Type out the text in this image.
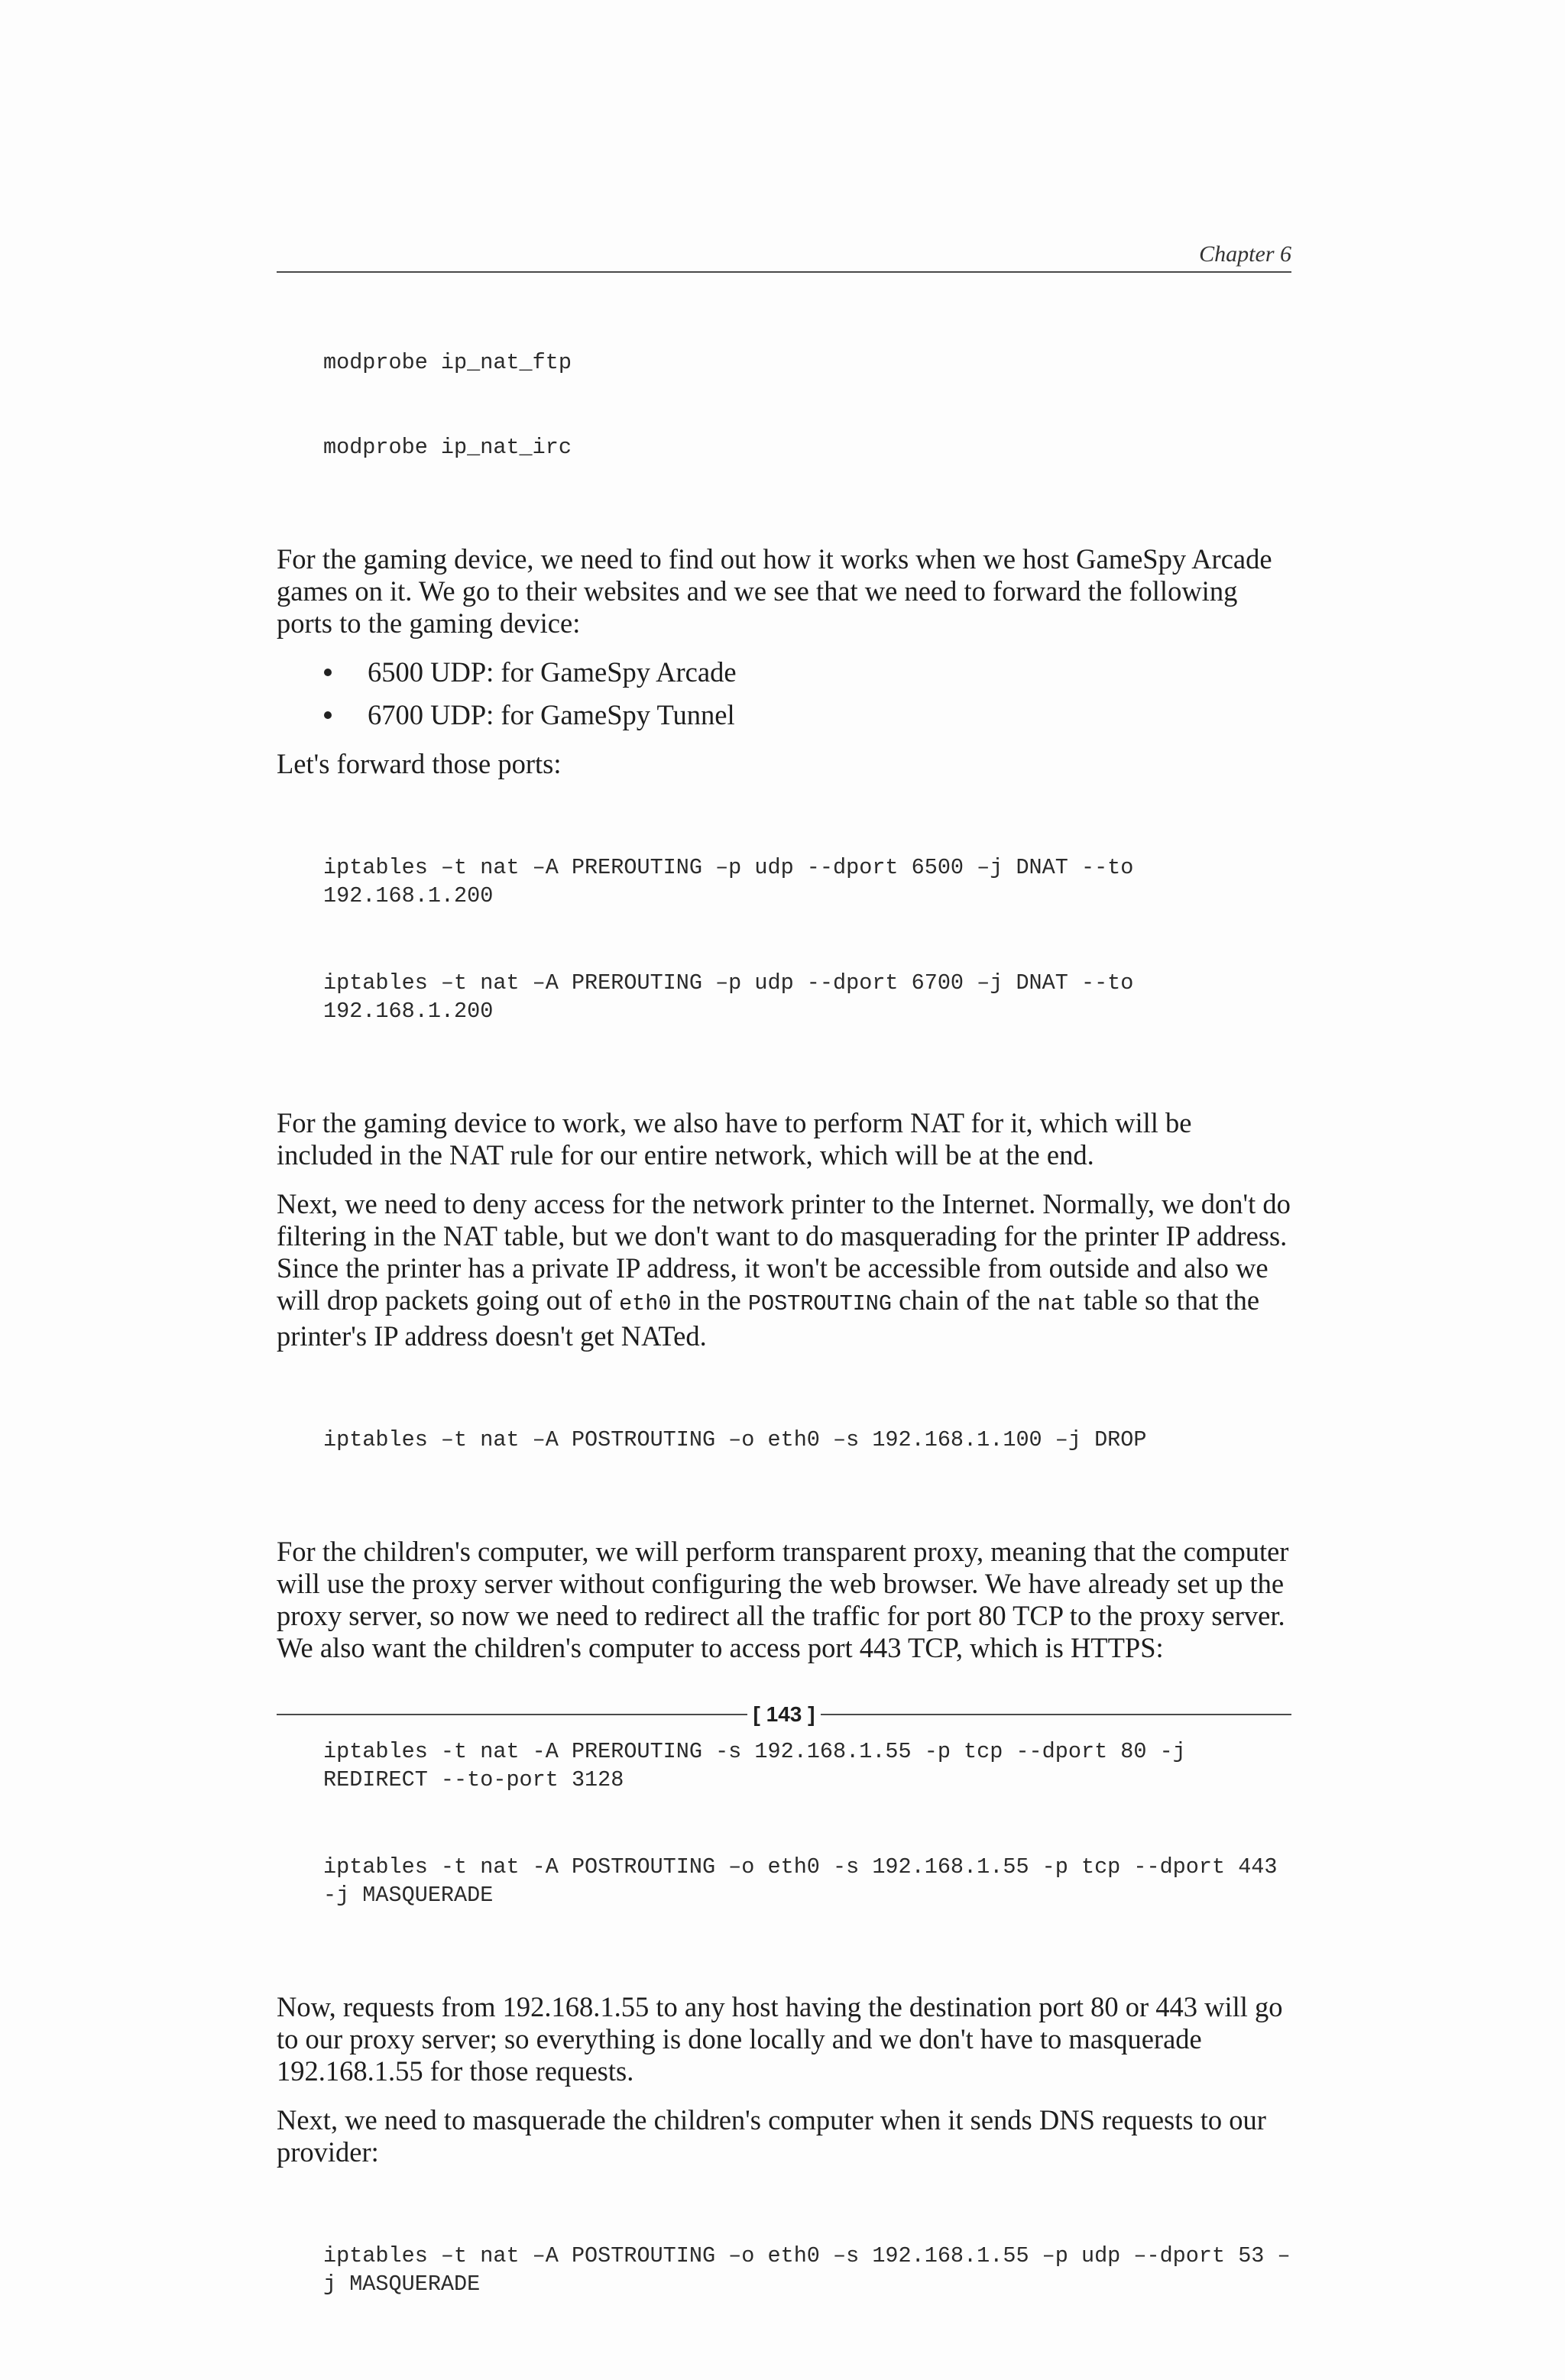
Chapter 6

modprobe ip_nat_ftp

modprobe ip_nat_irc

For the gaming device, we need to find out how it works when we host GameSpy Arcade games on it. We go to their websites and we see that we need to forward the following ports to the gaming device:

6500 UDP: for GameSpy Arcade
6700 UDP: for GameSpy Tunnel

Let's forward those ports:

iptables –t nat –A PREROUTING –p udp --dport 6500 –j DNAT --to 192.168.1.200

iptables –t nat –A PREROUTING –p udp --dport 6700 –j DNAT --to 192.168.1.200

For the gaming device to work, we also have to perform NAT for it, which will be included in the NAT rule for our entire network, which will be at the end.

Next, we need to deny access for the network printer to the Internet. Normally, we don't do filtering in the NAT table, but we don't want to do masquerading for the printer IP address. Since the printer has a private IP address, it won't be accessible from outside and also we will drop packets going out of eth0 in the POSTROUTING chain of the nat table so that the printer's IP address doesn't get NATed.

iptables –t nat –A POSTROUTING –o eth0 –s 192.168.1.100 –j DROP

For the children's computer, we will perform transparent proxy, meaning that the computer will use the proxy server without configuring the web browser. We have already set up the proxy server, so now we need to redirect all the traffic for port 80 TCP to the proxy server. We also want the children's computer to access port 443 TCP, which is HTTPS:

iptables -t nat -A PREROUTING -s 192.168.1.55 -p tcp --dport 80 -j REDIRECT --to-port 3128

iptables -t nat -A POSTROUTING –o eth0 -s 192.168.1.55 -p tcp --dport 443 -j MASQUERADE

Now, requests from 192.168.1.55 to any host having the destination port 80 or 443 will go to our proxy server; so everything is done locally and we don't have to masquerade 192.168.1.55 for those requests.

Next, we need to masquerade the children's computer when it sends DNS requests to our provider:

iptables –t nat –A POSTROUTING –o eth0 –s 192.168.1.55 –p udp –-dport 53 –j MASQUERADE

[ 143 ]
